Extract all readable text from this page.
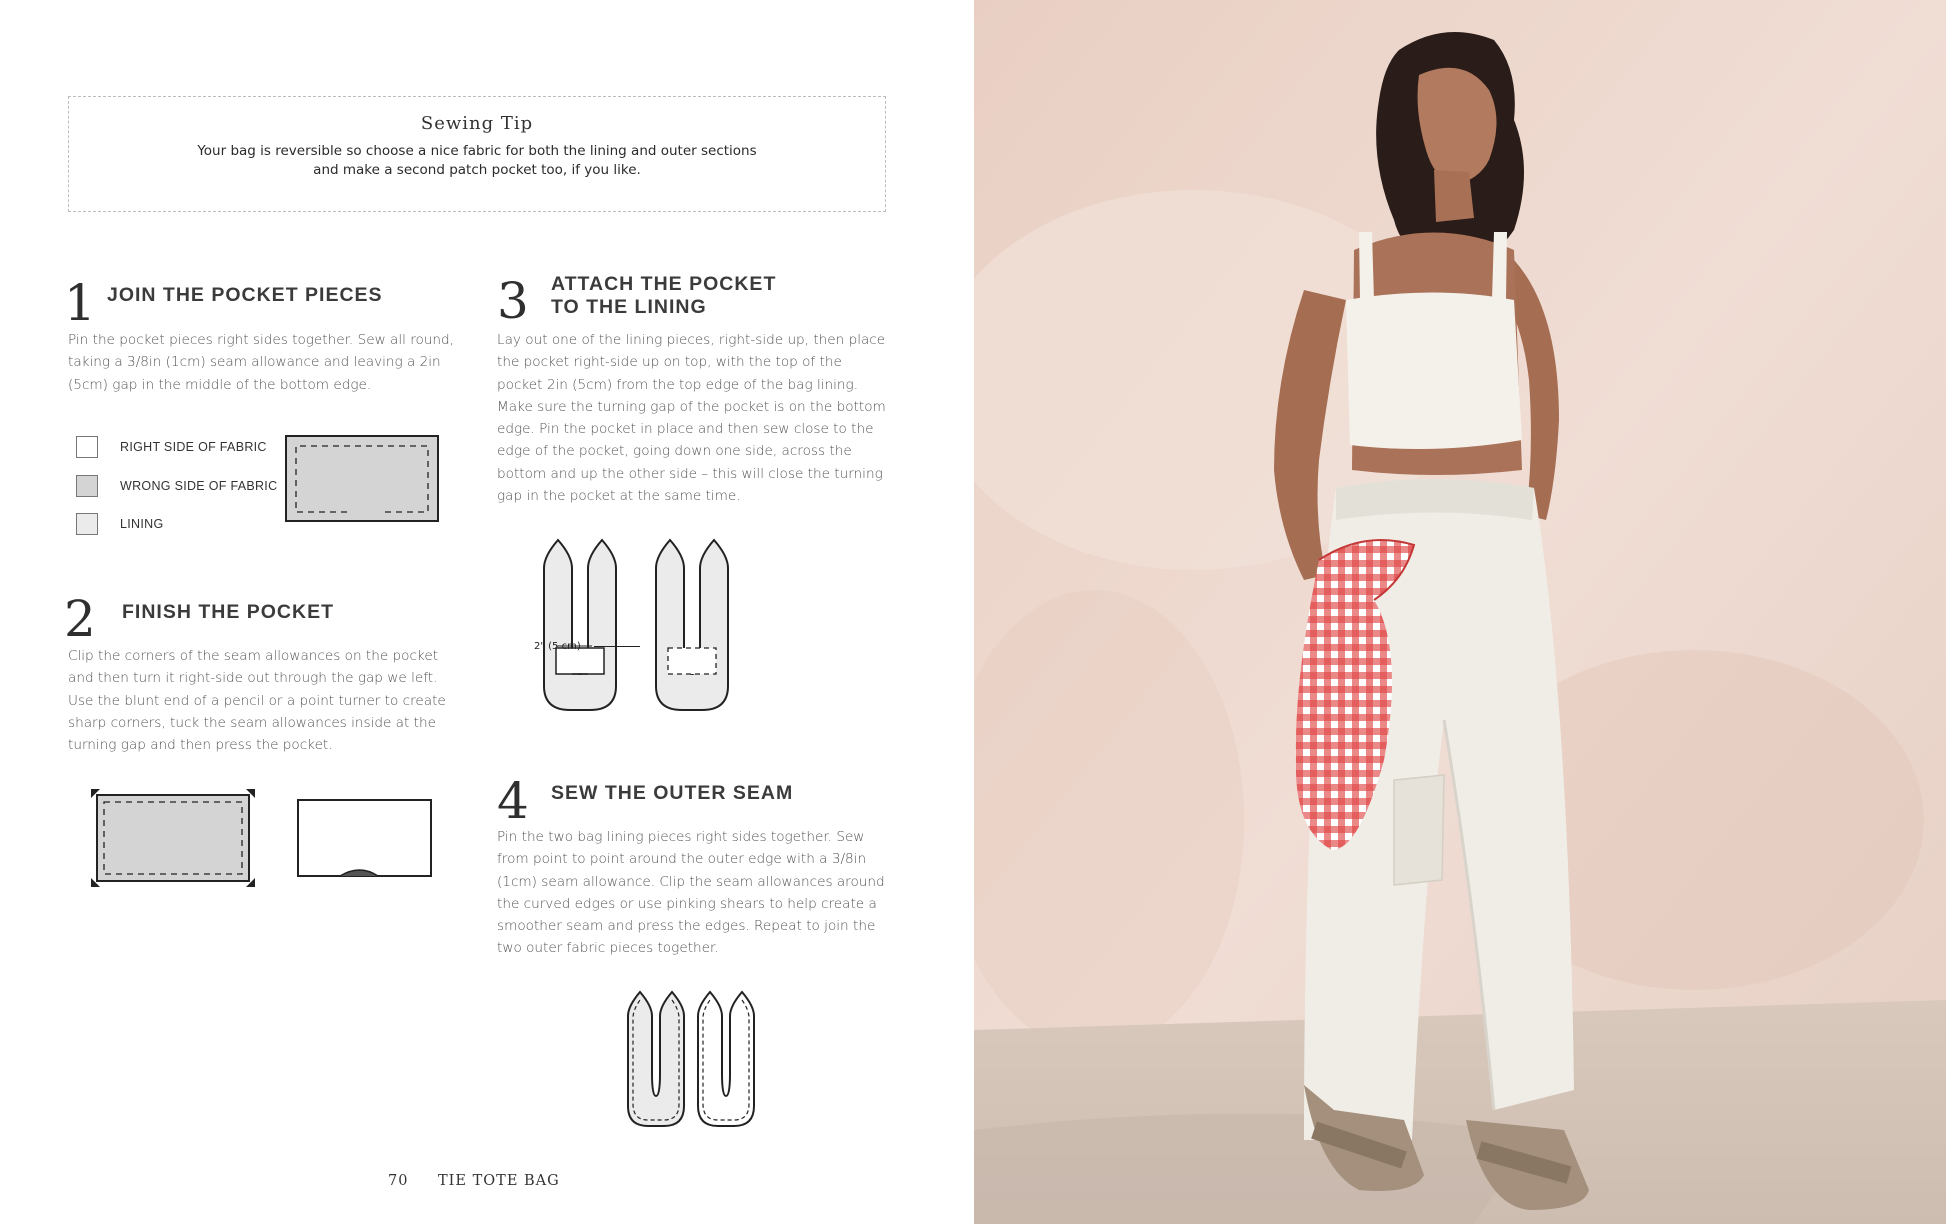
Sewing Tip
Your bag is reversible so choose a nice fabric for both the lining and outer sections and make a second patch pocket too, if you like.
1 JOIN THE POCKET PIECES
Pin the pocket pieces right sides together. Sew all round, taking a 3/8in (1cm) seam allowance and leaving a 2in (5cm) gap in the middle of the bottom edge.
RIGHT SIDE OF FABRIC
WRONG SIDE OF FABRIC
LINING
2 FINISH THE POCKET
Clip the corners of the seam allowances on the pocket and then turn it right-side out through the gap we left. Use the blunt end of a pencil or a point turner to create sharp corners, tuck the seam allowances inside at the turning gap and then press the pocket.
3 ATTACH THE POCKET
TO THE LINING
Lay out one of the lining pieces, right-side up, then place the pocket right-side up on top, with the top of the pocket 2in (5cm) from the top edge of the bag lining. Make sure the turning gap of the pocket is on the bottom edge. Pin the pocket in place and then sew close to the edge of the pocket, going down one side, across the bottom and up the other side – this will close the turning gap in the pocket at the same time.
2" (5 cm)
4 SEW THE OUTER SEAM
Pin the two bag lining pieces right sides together. Sew from point to point around the outer edge with a 3/8in (1cm) seam allowance. Clip the seam allowances around the curved edges or use pinking shears to help create a smoother seam and press the edges. Repeat to join the two outer fabric pieces together.
70 TIE TOTE BAG
